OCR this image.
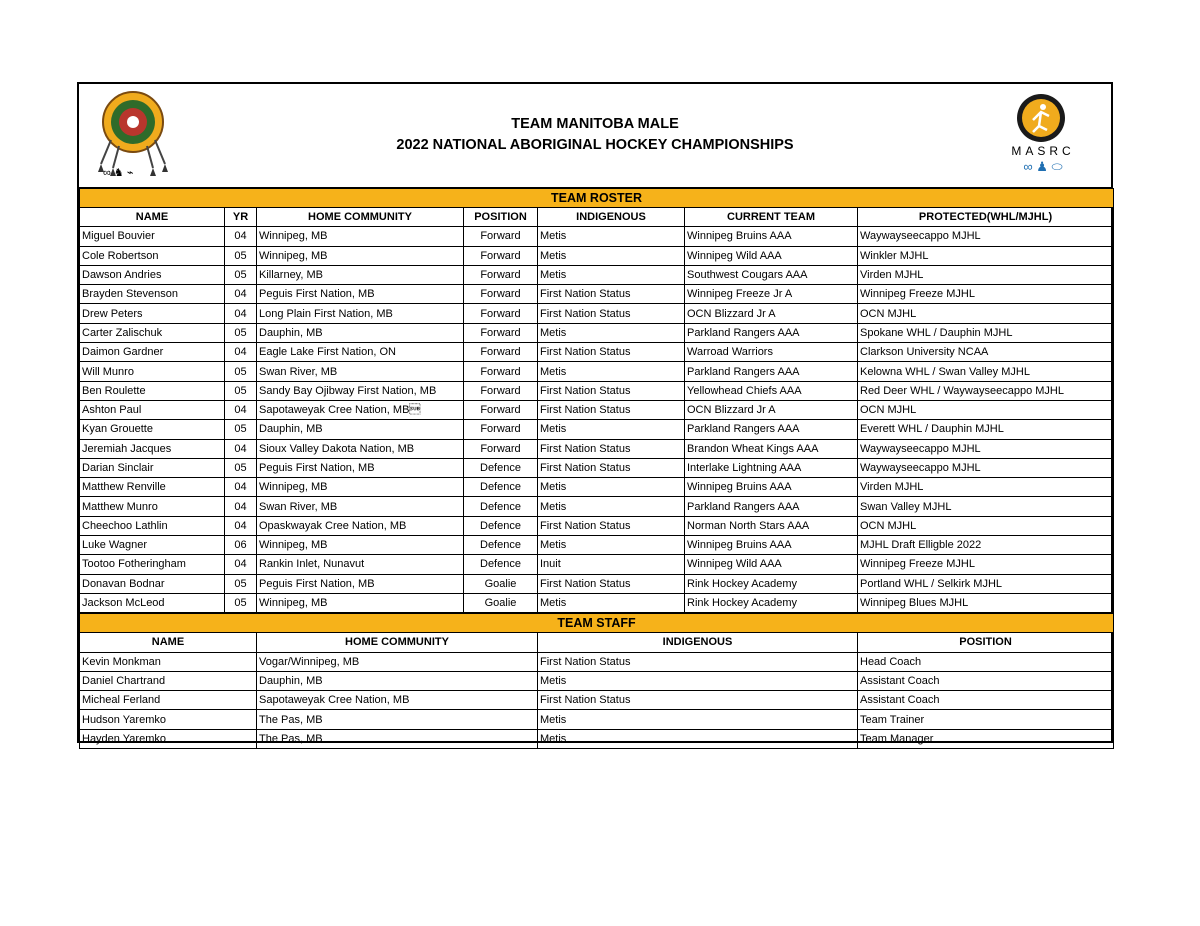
∞ ♞ ⌁
TEAM MANITOBA MALE
2022 NATIONAL ABORIGINAL HOCKEY CHAMPIONSHIPS	MASRC
∞ ♟ ⬭
TEAM ROSTER						
NAME	YR	HOME COMMUNITY	POSITION	INDIGENOUS	CURRENT TEAM	PROTECTED(WHL/MJHL)
Miguel Bouvier	04	Winnipeg, MB	Forward	Metis	Winnipeg Bruins AAA	Waywayseecappo MJHL
Cole Robertson	05	Winnipeg, MB	Forward	Metis	Winnipeg Wild AAA	Winkler MJHL
Dawson Andries	05	Killarney, MB	Forward	Metis	Southwest Cougars AAA	Virden MJHL
Brayden Stevenson	04	Peguis First Nation, MB	Forward	First Nation Status	Winnipeg Freeze Jr A	Winnipeg Freeze MJHL
Drew Peters	04	Long Plain First Nation, MB	Forward	First Nation Status	OCN Blizzard Jr A	OCN MJHL
Carter Zalischuk	05	Dauphin, MB	Forward	Metis	Parkland Rangers AAA	Spokane WHL / Dauphin MJHL
Daimon Gardner	04	Eagle Lake First Nation, ON	Forward	First Nation Status	Warroad Warriors	Clarkson University NCAA
Will Munro	05	Swan River, MB	Forward	Metis	Parkland Rangers AAA	Kelowna WHL / Swan Valley MJHL
Ben Roulette	05	Sandy Bay Ojibway First Nation, MB	Forward	First Nation Status	Yellowhead Chiefs AAA	Red Deer WHL / Waywayseecappo MJHL
Ashton Paul	04	Sapotaweyak Cree Nation, MB	Forward	First Nation Status	OCN Blizzard Jr A	OCN MJHL
Kyan Grouette	05	Dauphin, MB	Forward	Metis	Parkland Rangers AAA	Everett WHL / Dauphin MJHL
Jeremiah Jacques	04	Sioux Valley Dakota Nation, MB	Forward	First Nation Status	Brandon Wheat Kings AAA	Waywayseecappo MJHL
Darian Sinclair	05	Peguis First Nation, MB	Defence	First Nation Status	Interlake Lightning AAA	Waywayseecappo MJHL
Matthew Renville	04	Winnipeg, MB	Defence	Metis	Winnipeg Bruins AAA	Virden MJHL
Matthew Munro	04	Swan River, MB	Defence	Metis	Parkland Rangers AAA	Swan Valley MJHL
Cheechoo Lathlin	04	Opaskwayak Cree Nation, MB	Defence	First Nation Status	Norman North Stars AAA	OCN MJHL
Luke Wagner	06	Winnipeg, MB	Defence	Metis	Winnipeg Bruins AAA	MJHL Draft Elligble 2022
Tootoo Fotheringham	04	Rankin Inlet, Nunavut	Defence	Inuit	Winnipeg Wild AAA	Winnipeg Freeze MJHL
Donavan Bodnar	05	Peguis First Nation, MB	Goalie	First Nation Status	Rink Hockey Academy	Portland WHL / Selkirk MJHL
Jackson McLeod	05	Winnipeg, MB	Goalie	Metis	Rink Hockey Academy	Winnipeg Blues MJHL
TEAM STAFF			
NAME	HOME COMMUNITY	INDIGENOUS	POSITION
Kevin Monkman	Vogar/Winnipeg, MB	First Nation Status	Head Coach
Daniel Chartrand	Dauphin, MB	Metis	Assistant Coach
Micheal Ferland	Sapotaweyak Cree Nation, MB	First Nation Status	Assistant Coach
Hudson Yaremko	The Pas, MB	Metis	Team Trainer
Hayden Yaremko	The Pas, MB	Metis	Team Manager
